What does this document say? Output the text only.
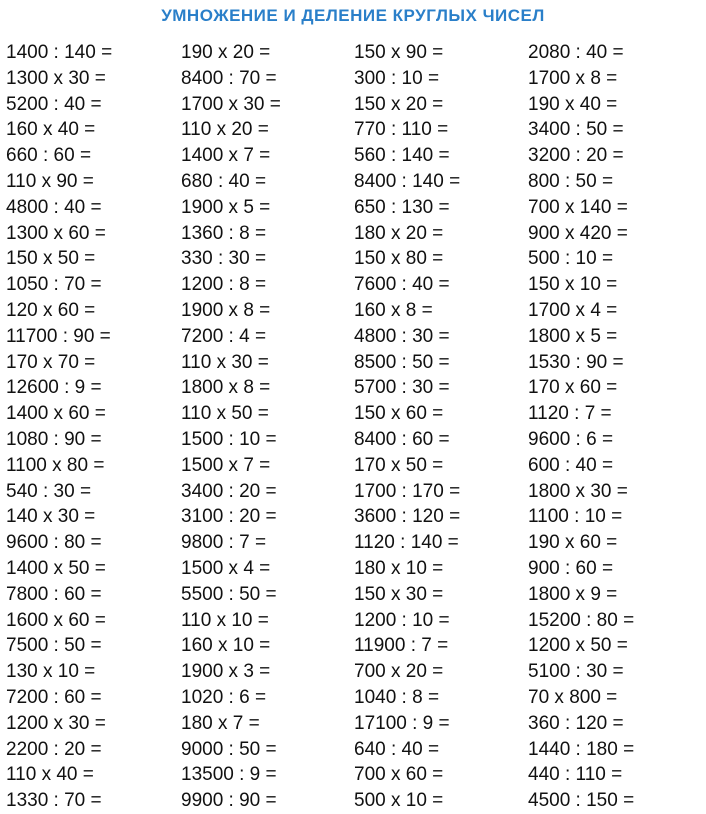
УМНОЖЕНИЕ И ДЕЛЕНИЕ КРУГЛЫХ ЧИСЕЛ
1400 : 140 =
1300 x 30 =
5200 : 40 =
160 x 40 =
660 : 60 =
110 x 90 =
4800 : 40 =
1300 x 60 =
150 x 50 =
1050 : 70 =
120 x 60 =
11700 : 90 =
170 x 70 =
12600 : 9 =
1400 x 60 =
1080 : 90 =
1100 x 80 =
540 : 30 =
140 x 30 =
9600 : 80 =
1400 x 50 =
7800 : 60 =
1600 x 60 =
7500 : 50 =
130 x 10 =
7200 : 60 =
1200 x 30 =
2200 : 20 =
110 x 40 =
1330 : 70 =
190 x 20 =
8400 : 70 =
1700 x 30 =
110 x 20 =
1400 x 7 =
680 : 40 =
1900 x 5 =
1360 : 8 =
330 : 30 =
1200 : 8 =
1900 x 8 =
7200 : 4 =
110 x 30 =
1800 x 8 =
110 x 50 =
1500 : 10 =
1500 x 7 =
3400 : 20 =
3100 : 20 =
9800 : 7 =
1500 x 4 =
5500 : 50 =
110 x 10 =
160 x 10 =
1900 x 3 =
1020 : 6 =
180 x 7 =
9000 : 50 =
13500 : 9 =
9900 : 90 =
150 x 90 =
300 : 10 =
150 x 20 =
770 : 110 =
560 : 140 =
8400 : 140 =
650 : 130 =
180 x 20 =
150 x 80 =
7600 : 40 =
160 x 8 =
4800 : 30 =
8500 : 50 =
5700 : 30 =
150 x 60 =
8400 : 60 =
170 x 50 =
1700 : 170 =
3600 : 120 =
1120 : 140 =
180 x 10 =
150 x 30 =
1200 : 10 =
11900 : 7 =
700 x 20 =
1040 : 8 =
17100 : 9 =
640 : 40 =
700 x 60 =
500 x 10 =
2080 : 40 =
1700 x 8 =
190 x 40 =
3400 : 50 =
3200 : 20 =
800 : 50 =
700 x 140 =
900 x 420 =
500 : 10 =
150 x 10 =
1700 x 4 =
1800 x 5 =
1530 : 90 =
170 x 60 =
1120 : 7 =
9600 : 6 =
600 : 40 =
1800 x 30 =
1100 : 10 =
190 x 60 =
900 : 60 =
1800 x 9 =
15200 : 80 =
1200 x 50 =
5100 : 30 =
70 x 800 =
360 : 120 =
1440 : 180 =
440 : 110 =
4500 : 150 =
